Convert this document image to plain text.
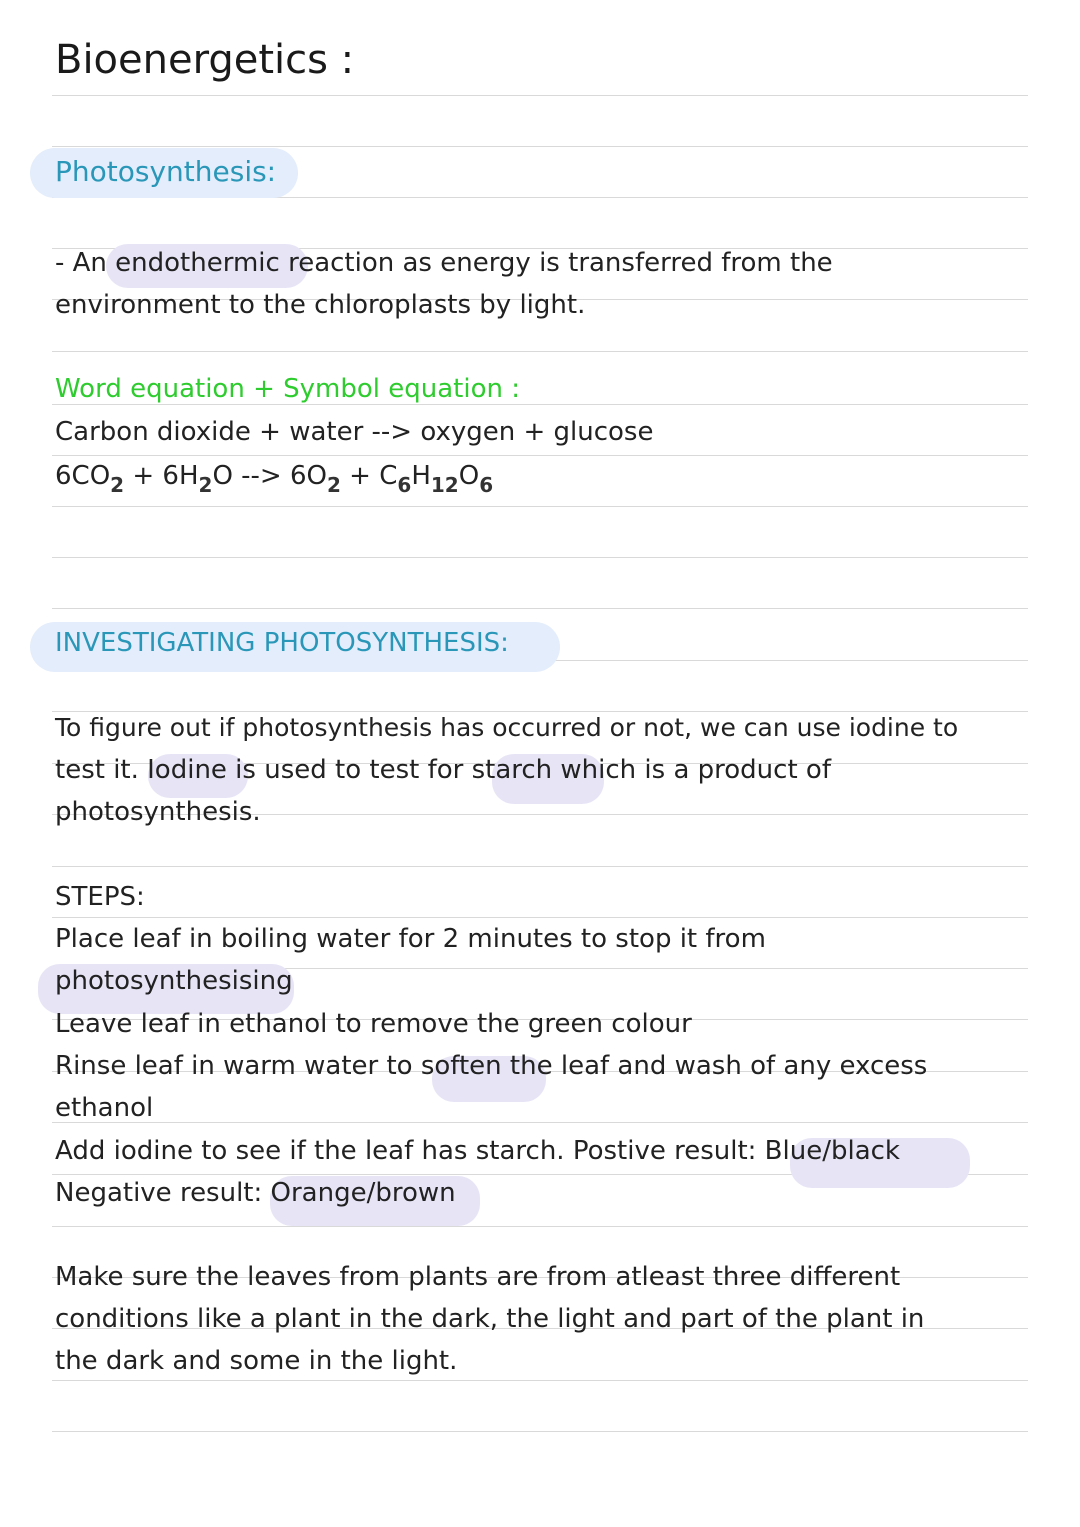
Bioenergetics :
Photosynthesis:
- An endothermic reaction as energy is transferred from the
environment to the chloroplasts by light.
Word equation + Symbol equation :
Carbon dioxide + water --> oxygen + glucose
$6CO_2 + 6H_2O$ --> $6O_2 + C_6H_{12}O_6$
INVESTIGATING PHOTOSYNTHESIS:
To figure out if photosynthesis has occurred or not, we can use iodine to
test it. Iodine is used to test for starch which is a product of
photosynthesis.
STEPS:
Place leaf in boiling water for 2 minutes to stop it from
photosynthesising
Leave leaf in ethanol to remove the green colour
Rinse leaf in warm water to soften the leaf and wash of any excess
ethanol
Add iodine to see if the leaf has starch. Postive result: Blue/black
Negative result: Orange/brown
Make sure the leaves from plants are from atleast three different
conditions like a plant in the dark, the light and part of the plant in
the dark and some in the light.
